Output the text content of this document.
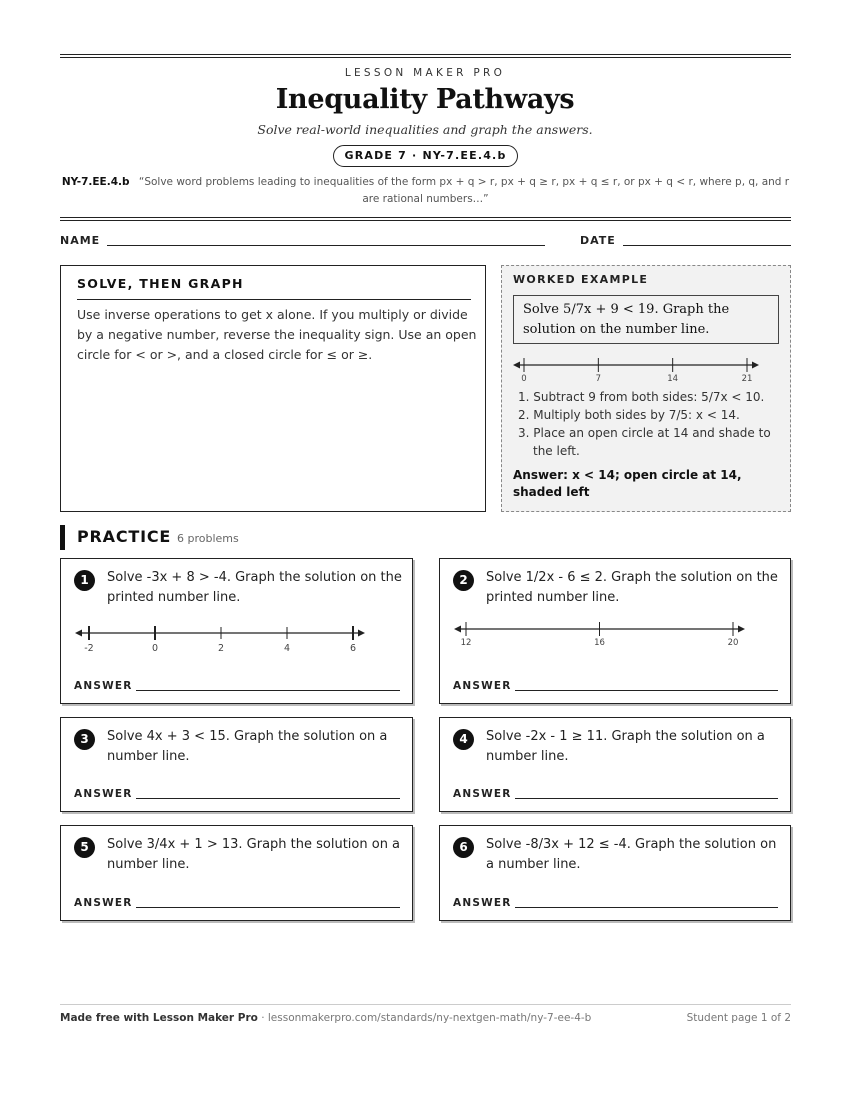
LESSON MAKER PRO
Inequality Pathways
Solve real-world inequalities and graph the answers.
GRADE 7 · NY-7.EE.4.b
NY-7.EE.4.b “Solve word problems leading to inequalities of the form px + q > r, px + q ≥ r, px + q ≤ r, or px + q < r, where p, q, and r are rational numbers…”
NAME	DATE
SOLVE, THEN GRAPH
Use inverse operations to get x alone. If you multiply or divide by a negative number, reverse the inequality sign. Use an open circle for < or >, and a closed circle for ≤ or ≥.
WORKED EXAMPLE
Solve 5/7x + 9 < 19. Graph the solution on the number line.
0	7	14	21
1. Subtract 9 from both sides: 5/7x < 10.
2. Multiply both sides by 7/5: x < 14.
3. Place an open circle at 14 and shade to the left.
Answer: x < 14; open circle at 14, shaded left
PRACTICE 6 problems
1	Solve -3x + 8 > -4. Graph the solution on the printed number line.
-2	0	2	4	6
ANSWER
2	Solve 1/2x - 6 ≤ 2. Graph the solution on the printed number line.
12	16	20
ANSWER
3	Solve 4x + 3 < 15. Graph the solution on a number line.
ANSWER
4	Solve -2x - 1 ≥ 11. Graph the solution on a number line.
ANSWER
5	Solve 3/4x + 1 > 13. Graph the solution on a number line.
ANSWER
6	Solve -8/3x + 12 ≤ -4. Graph the solution on a number line.
ANSWER
Made free with Lesson Maker Pro · lessonmakerpro.com/standards/ny-nextgen-math/ny-7-ee-4-b	Student page 1 of 2
